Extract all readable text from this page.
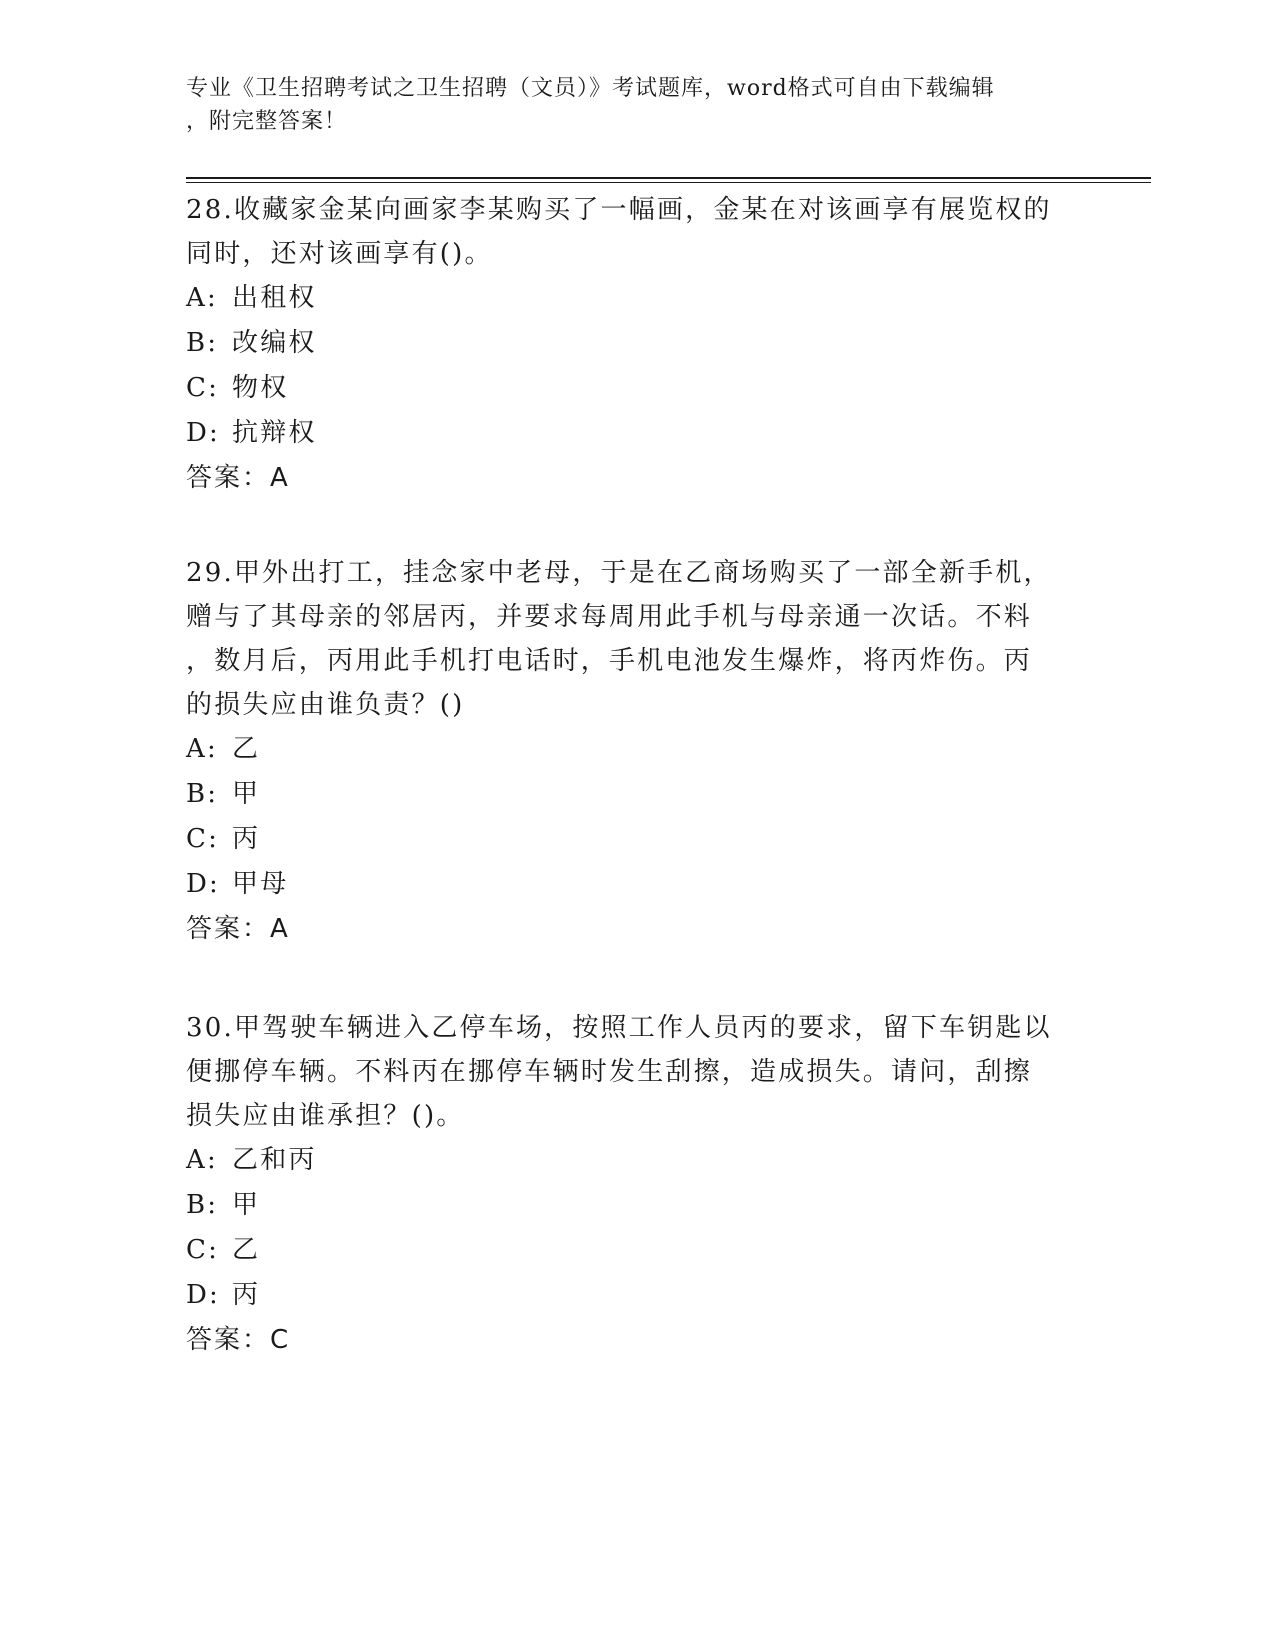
专业《卫生招聘考试之卫生招聘（文员）》考试题库，word格式可自由下载编辑
，附完整答案！

28.收藏家金某向画家李某购买了一幅画，金某在对该画享有展览权的

同时，还对该画享有()。

A: 出租权

B: 改编权

C: 物权

D: 抗辩权

答案：A

29.甲外出打工，挂念家中老母，于是在乙商场购买了一部全新手机，

赠与了其母亲的邻居丙，并要求每周用此手机与母亲通一次话。不料

，数月后，丙用此手机打电话时，手机电池发生爆炸，将丙炸伤。丙

的损失应由谁负责？()

A: 乙

B: 甲

C: 丙

D: 甲母

答案：A

30.甲驾驶车辆进入乙停车场，按照工作人员丙的要求，留下车钥匙以

便挪停车辆。不料丙在挪停车辆时发生刮擦，造成损失。请问，刮擦

损失应由谁承担？()。

A: 乙和丙

B: 甲

C: 乙

D: 丙

答案：C
